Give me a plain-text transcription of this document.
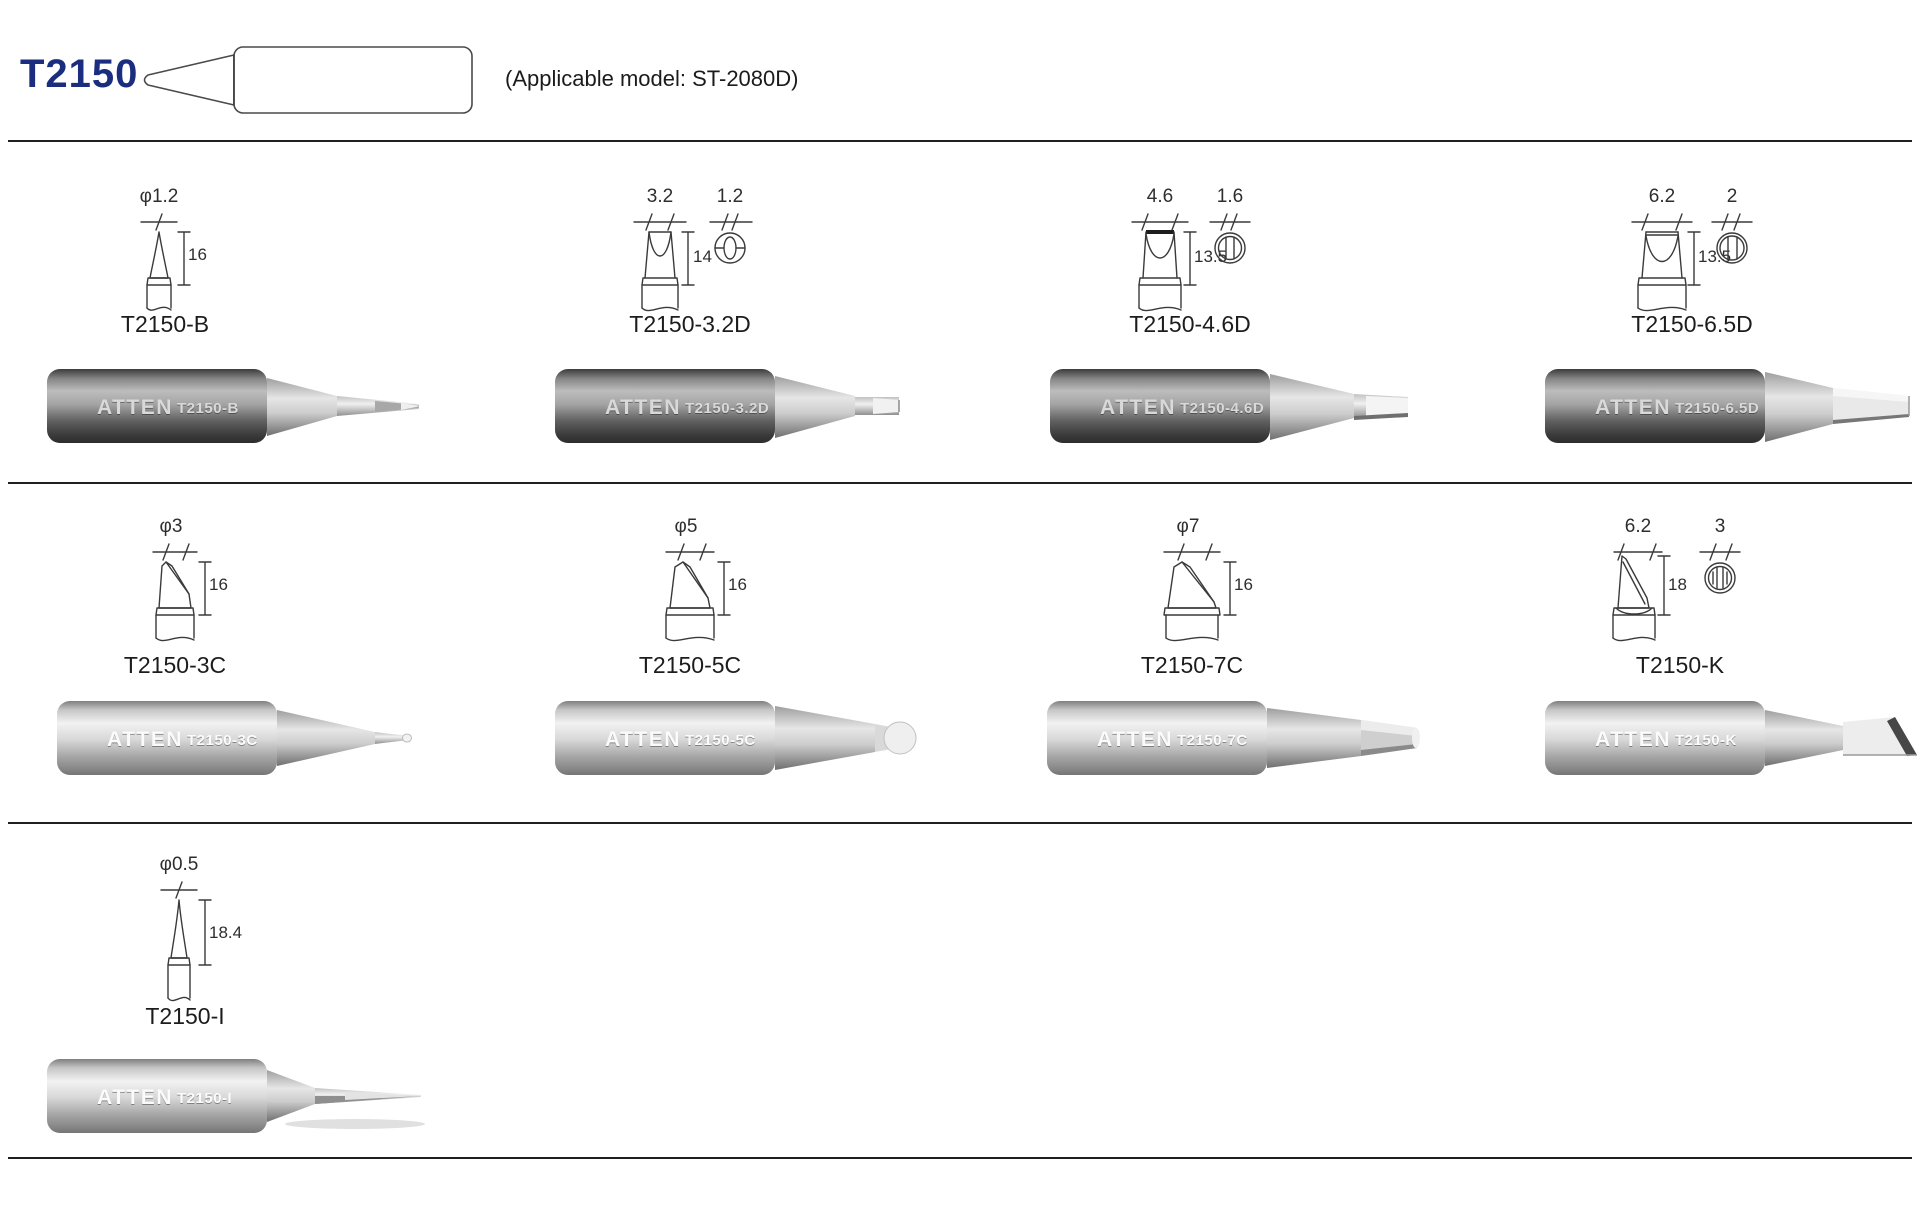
T2150	(Applicable model: ST-2080D)
φ1.2
16
T2150-B
3.2 1.2
14
T2150-3.2D
4.6 1.6
13.5
T2150-4.6D
6.2	2
13.5
T2150-6.5D
ATTEN T2150-B	ATTEN T2150-3.2D	ATTEN T2150-4.6D	ATTEN T2150-6.5D
φ3
16
T2150-3C
φ5
16
T2150-5C
φ7
16
T2150-7C
6.2	3
18
T2150-K
ATTEN T2150-3C	ATTEN T2150-5C	ATTEN T2150-7C	ATTEN T2150-K
φ0.5
18.4
T2150-I
ATTEN T2150-I
